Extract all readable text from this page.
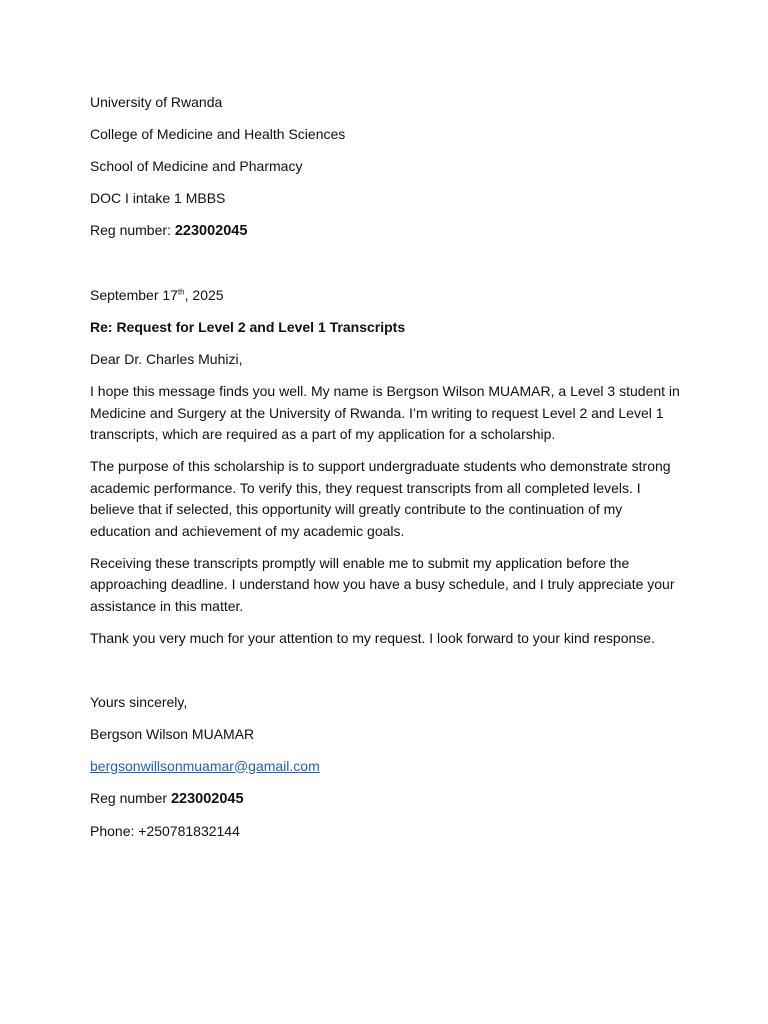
University of Rwanda

College of Medicine and Health Sciences

School of Medicine and Pharmacy

DOC I intake 1 MBBS

Reg number: 223002045

September 17th, 2025

Re: Request for Level 2 and Level 1 Transcripts

Dear Dr. Charles Muhizi,

I hope this message finds you well. My name is Bergson Wilson MUAMAR, a Level 3 student in Medicine and Surgery at the University of Rwanda. I’m writing to request Level 2 and Level 1 transcripts, which are required as a part of my application for a scholarship.

The purpose of this scholarship is to support undergraduate students who demonstrate strong academic performance. To verify this, they request transcripts from all completed levels. I believe that if selected, this opportunity will greatly contribute to the continuation of my education and achievement of my academic goals.

Receiving these transcripts promptly will enable me to submit my application before the approaching deadline. I understand how you have a busy schedule, and I truly appreciate your assistance in this matter.

Thank you very much for your attention to my request. I look forward to your kind response.

Yours sincerely,

Bergson Wilson MUAMAR

bergsonwillsonmuamar@gamail.com

Reg number 223002045

Phone: +250781832144
